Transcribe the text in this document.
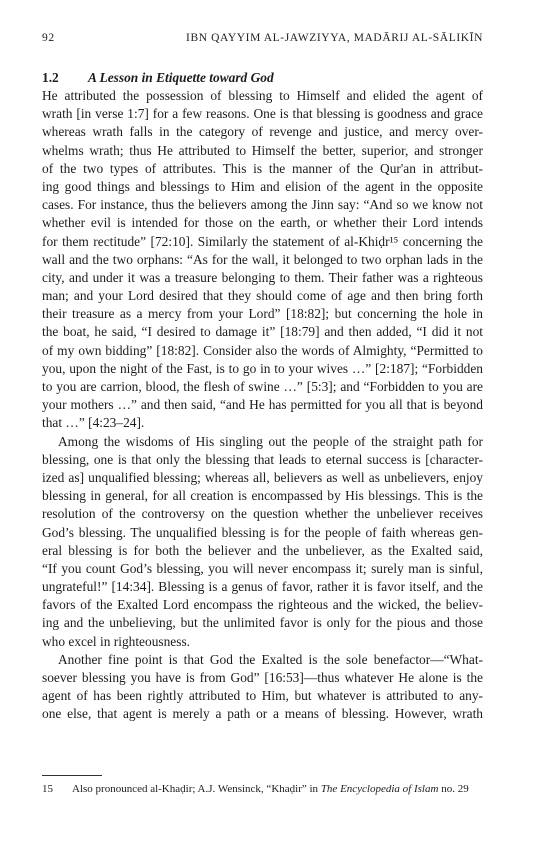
92	IBN QAYYIM AL-JAWZIYYA, MADĀRIJ AL-SĀLIKĪN
1.2 A Lesson in Etiquette toward God
He attributed the possession of blessing to Himself and elided the agent of
wrath [in verse 1:7] for a few reasons. One is that blessing is goodness and grace
whereas wrath falls in the category of revenge and justice, and mercy over-
whelms wrath; thus He attributed to Himself the better, superior, and stronger
of the two types of attributes. This is the manner of the Qur'an in attribut-
ing good things and blessings to Him and elision of the agent in the opposite
cases. For instance, thus the believers among the Jinn say: “And so we know not
whether evil is intended for those on the earth, or whether their Lord intends
for them rectitude” [72:10]. Similarly the statement of al-Khiḍr¹⁵ concerning the
wall and the two orphans: “As for the wall, it belonged to two orphan lads in the
city, and under it was a treasure belonging to them. Their father was a righteous
man; and your Lord desired that they should come of age and then bring forth
their treasure as a mercy from your Lord” [18:82]; but concerning the hole in
the boat, he said, “I desired to damage it” [18:79] and then added, “I did it not
of my own bidding” [18:82]. Consider also the words of Almighty, “Permitted to
you, upon the night of the Fast, is to go in to your wives …” [2:187]; “Forbidden
to you are carrion, blood, the flesh of swine …” [5:3]; and “Forbidden to you are
your mothers …” and then said, “and He has permitted for you all that is beyond
that …” [4:23–24].
Among the wisdoms of His singling out the people of the straight path for
blessing, one is that only the blessing that leads to eternal success is [character-
ized as] unqualified blessing; whereas all, believers as well as unbelievers, enjoy
blessing in general, for all creation is encompassed by His blessings. This is the
resolution of the controversy on the question whether the unbeliever receives
God’s blessing. The unqualified blessing is for the people of faith whereas gen-
eral blessing is for both the believer and the unbeliever, as the Exalted said,
“If you count God’s blessing, you will never encompass it; surely man is sinful,
ungrateful!” [14:34]. Blessing is a genus of favor, rather it is favor itself, and the
favors of the Exalted Lord encompass the righteous and the wicked, the believ-
ing and the unbelieving, but the unlimited favor is only for the pious and those
who excel in righteousness.
Another fine point is that God the Exalted is the sole benefactor—“What-
soever blessing you have is from God” [16:53]—thus whatever He alone is the
agent of has been rightly attributed to Him, but whatever is attributed to any-
one else, that agent is merely a path or a means of blessing. However, wrath
15 Also pronounced al-Khaḍir; A.J. Wensinck, “Khaḍir” in The Encyclopedia of Islam no. 29
